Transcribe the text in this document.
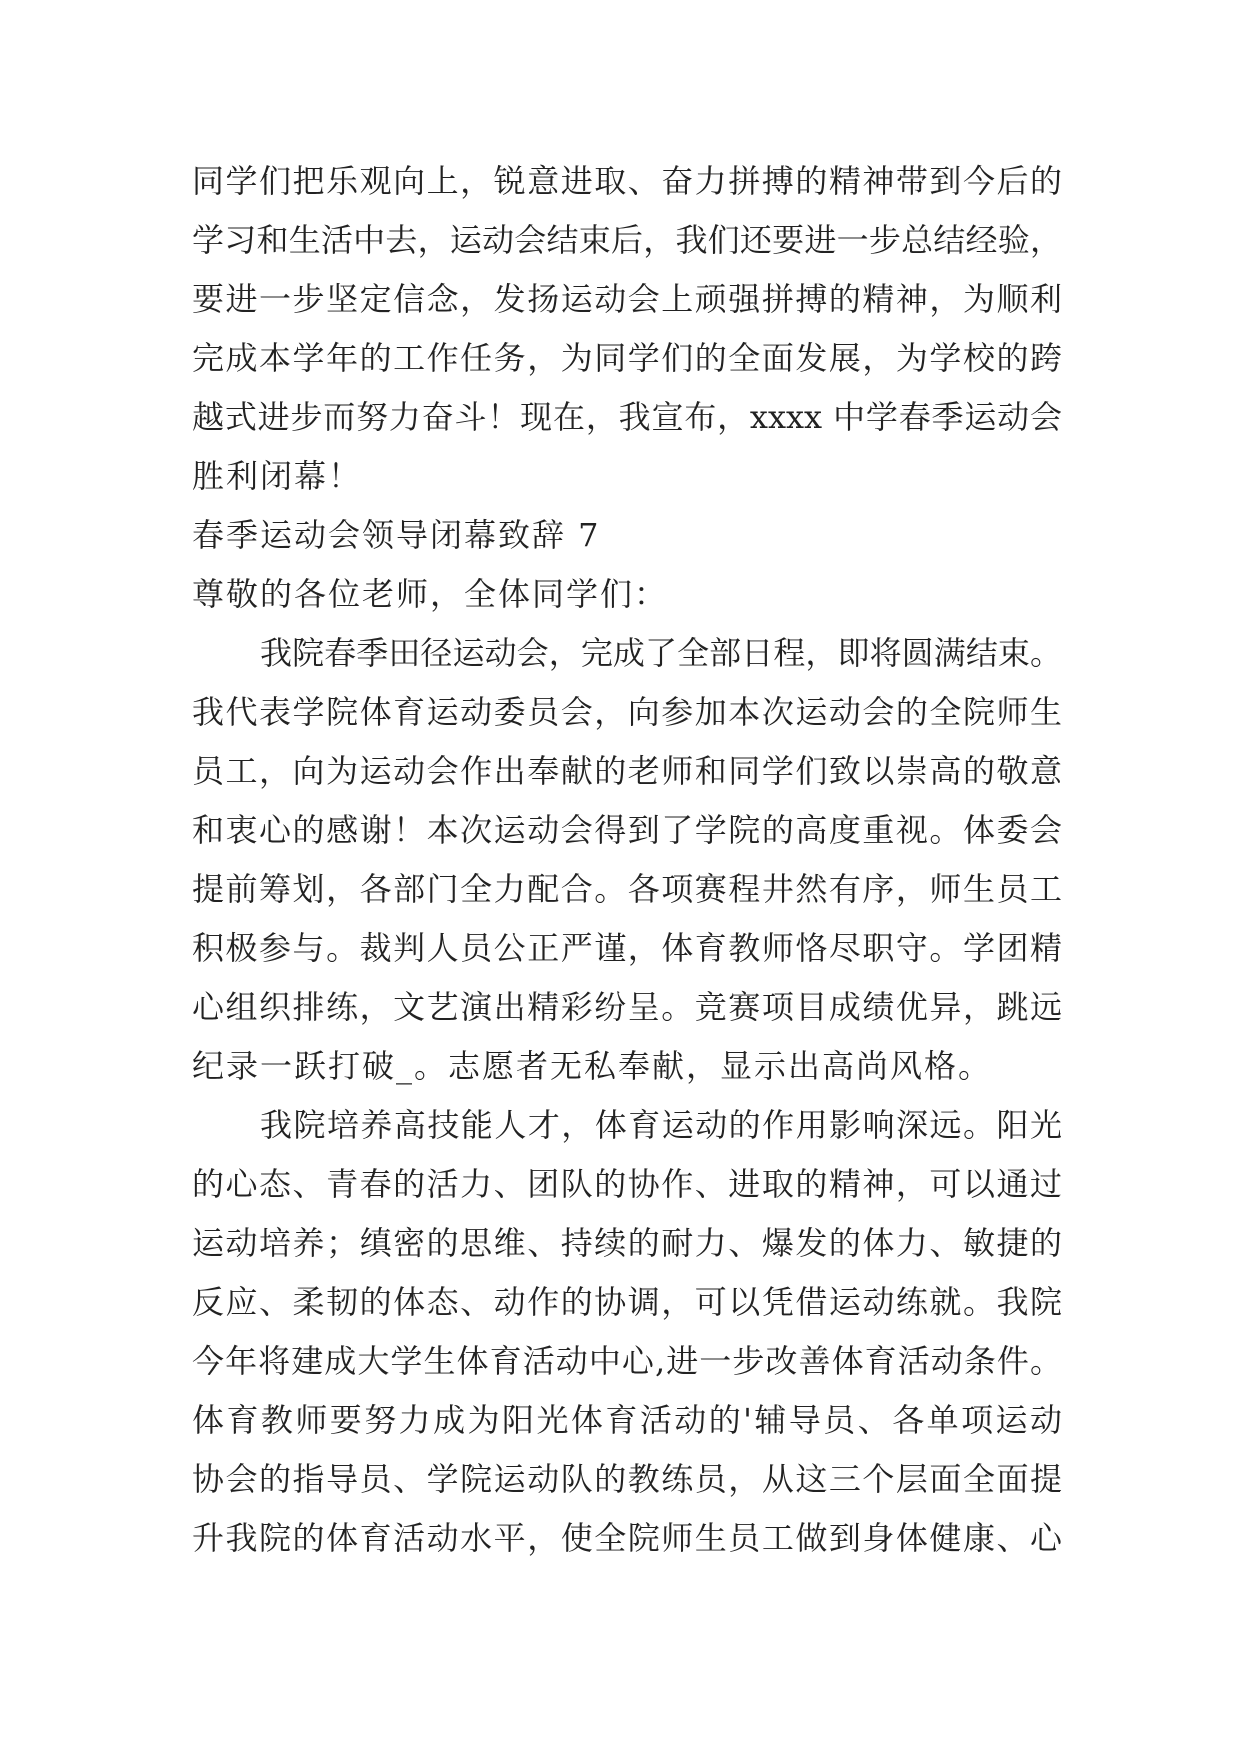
同学们把乐观向上，锐意进取、奋力拼搏的精神带到今后的
学习和生活中去，运动会结束后，我们还要进一步总结经验，
要进一步坚定信念，发扬运动会上顽强拼搏的精神，为顺利
完成本学年的工作任务，为同学们的全面发展，为学校的跨
越式进步而努力奋斗！现在，我宣布，xxxx 中学春季运动会
胜利闭幕！
春季运动会领导闭幕致辞 7
尊敬的各位老师，全体同学们：
我院春季田径运动会，完成了全部日程，即将圆满结束。
我代表学院体育运动委员会，向参加本次运动会的全院师生
员工，向为运动会作出奉献的老师和同学们致以崇高的敬意
和衷心的感谢！本次运动会得到了学院的高度重视。体委会
提前筹划，各部门全力配合。各项赛程井然有序，师生员工
积极参与。裁判人员公正严谨，体育教师恪尽职守。学团精
心组织排练，文艺演出精彩纷呈。竞赛项目成绩优异，跳远
纪录一跃打破_。志愿者无私奉献，显示出高尚风格。
我院培养高技能人才，体育运动的作用影响深远。阳光
的心态、青春的活力、团队的协作、进取的精神，可以通过
运动培养；缜密的思维、持续的耐力、爆发的体力、敏捷的
反应、柔韧的体态、动作的协调，可以凭借运动练就。我院
今年将建成大学生体育活动中心,进一步改善体育活动条件。
体育教师要努力成为阳光体育活动的'辅导员、各单项运动
协会的指导员、学院运动队的教练员，从这三个层面全面提
升我院的体育活动水平，使全院师生员工做到身体健康、心
